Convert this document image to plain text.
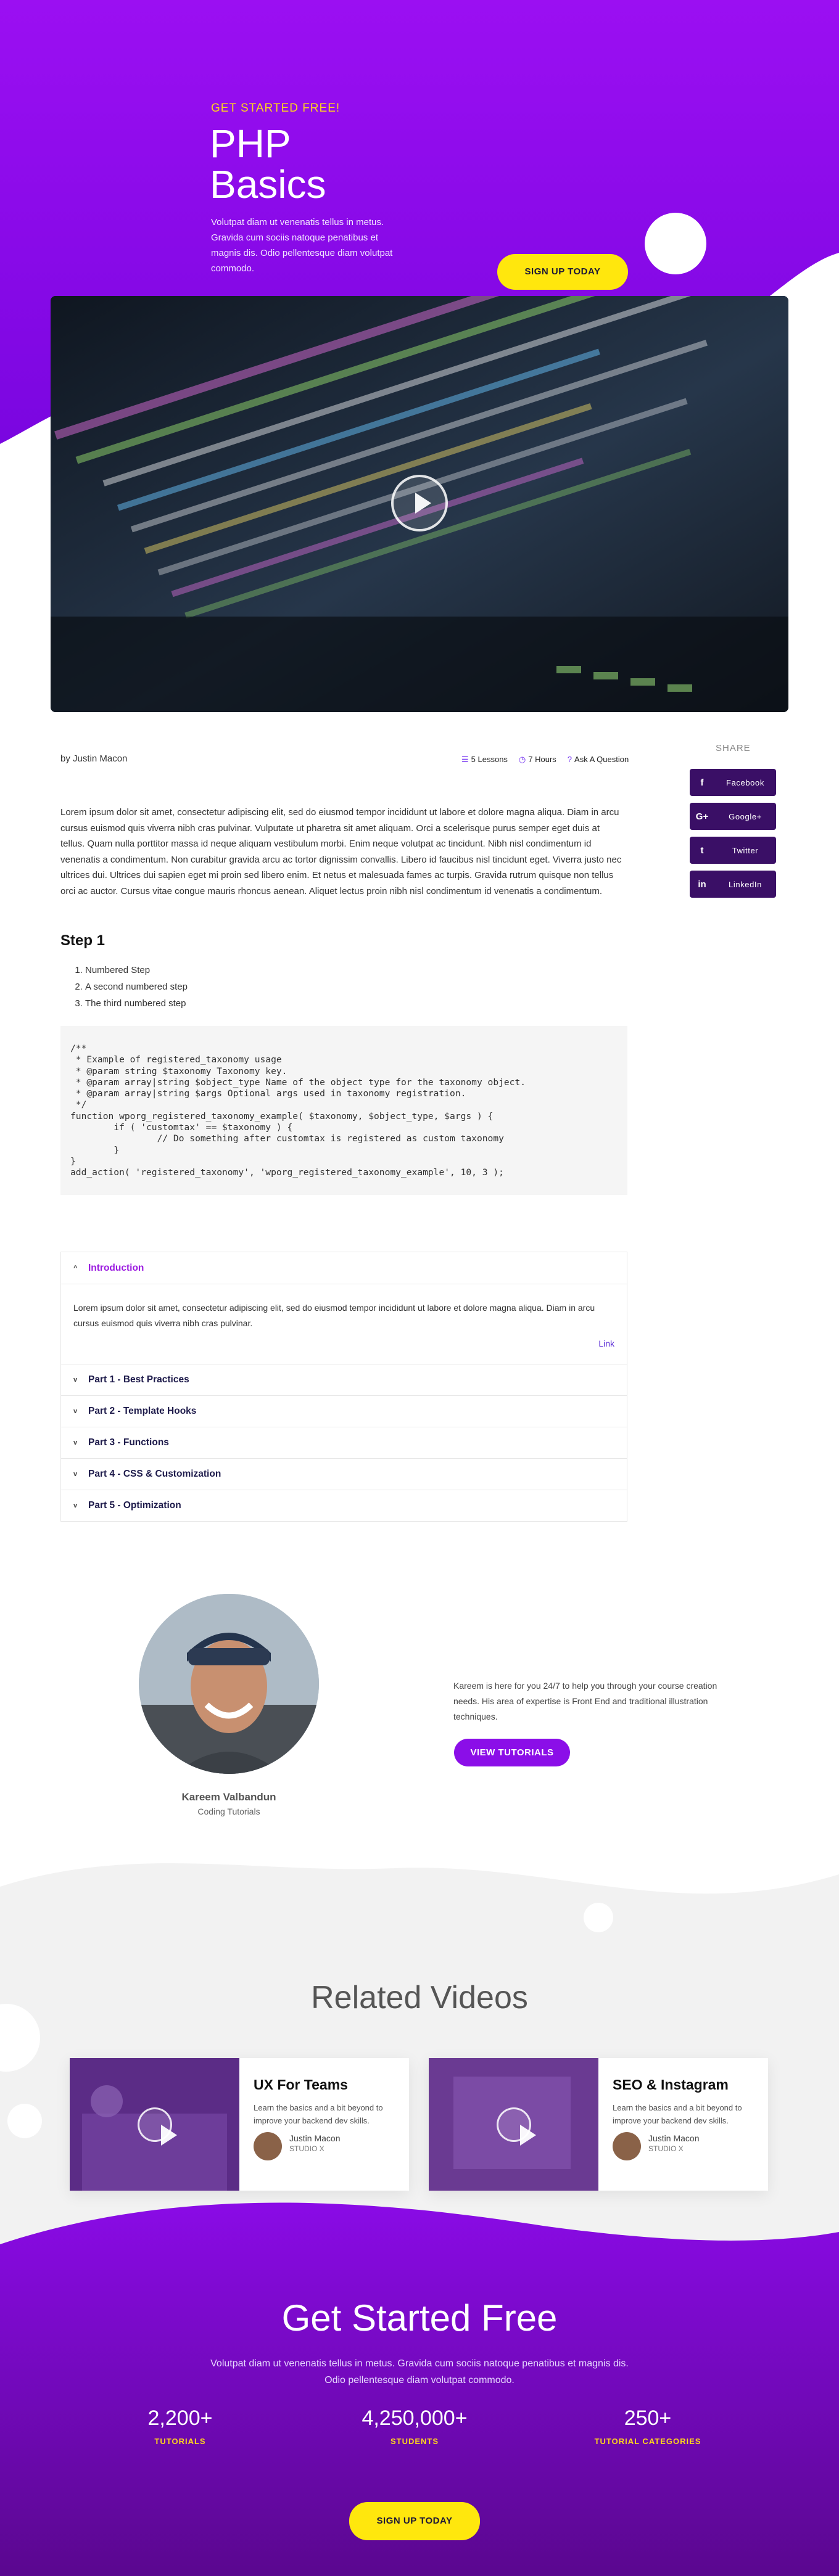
GET STARTED FREE!
PHP
Basics

Volutpat diam ut venenatis tellus in metus. Gravida cum sociis natoque penatibus et magnis dis. Odio pellentesque diam volutpat commodo.	SIGN UP TODAY
by Justin Macon	☰ 5 Lessons ◷ 7 Hours ? Ask A Question
SHARE
f	Facebook
G+	Google+
t	Twitter
in	LinkedIn

Lorem ipsum dolor sit amet, consectetur adipiscing elit, sed do eiusmod tempor incididunt ut labore et dolore magna aliqua. Diam in arcu cursus euismod quis viverra nibh cras pulvinar. Vulputate ut pharetra sit amet aliquam. Orci a scelerisque purus semper eget duis at tellus. Quam nulla porttitor massa id neque aliquam vestibulum morbi. Enim neque volutpat ac tincidunt. Nibh nisl condimentum id venenatis a condimentum. Non curabitur gravida arcu ac tortor dignissim convallis. Libero id faucibus nisl tincidunt eget. Viverra justo nec ultrices dui. Ultrices dui sapien eget mi proin sed libero enim. Et netus et malesuada fames ac turpis. Gravida rutrum quisque non tellus orci ac auctor. Cursus vitae congue mauris rhoncus aenean. Aliquet lectus proin nibh nisl condimentum id venenatis a condimentum.

Step 1
1. Numbered Step
2. A second numbered step
3. The third numbered step
/**
* Example of registered_taxonomy usage
* @param string $taxonomy Taxonomy key.
* @param array|string $object_type Name of the object type for the taxonomy object.
* @param array|string $args Optional args used in taxonomy registration.
*/
function wporg_registered_taxonomy_example( $taxonomy, $object_type, $args ) {
if ( 'customtax' == $taxonomy ) {
// Do something after customtax is registered as custom taxonomy
}
}
add_action( 'registered_taxonomy', 'wporg_registered_taxonomy_example', 10, 3 );
^	Introduction
Lorem ipsum dolor sit amet, consectetur adipiscing elit, sed do eiusmod tempor incididunt ut labore et dolore magna aliqua. Diam in arcu cursus euismod quis viverra nibh cras pulvinar.
Link
v	Part 1 - Best Practices
v	Part 2 - Template Hooks
v	Part 3 - Functions
v	Part 4 - CSS & Customization
v	Part 5 - Optimization
Kareem Valbandun
Coding Tutorials

Kareem is here for you 24/7 to help you through your course creation needs. His area of expertise is Front End and traditional illustration techniques.

VIEW TUTORIALS
Related Videos
UX For Teams
Learn the basics and a bit beyond to improve your backend dev skills.
Justin Macon
STUDIO X
SEO & Instagram
Learn the basics and a bit beyond to improve your backend dev skills.
Justin Macon
STUDIO X
Get Started Free

Volutpat diam ut venenatis tellus in metus. Gravida cum sociis natoque penatibus et magnis dis. Odio pellentesque diam volutpat commodo.

2,200+
TUTORIALS
4,250,000+
STUDENTS
250+
TUTORIAL CATEGORIES
SIGN UP TODAY
